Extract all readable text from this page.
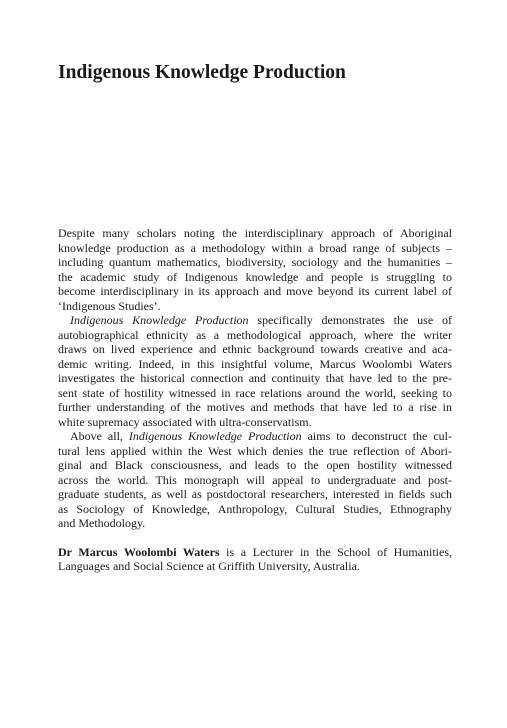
Indigenous Knowledge Production
Despite many scholars noting the interdisciplinary approach of Aboriginal
knowledge production as a methodology within a broad range of subjects –
including quantum mathematics, biodiversity, sociology and the humanities –
the academic study of Indigenous knowledge and people is struggling to
become interdisciplinary in its approach and move beyond its current label of
‘Indigenous Studies’.
Indigenous Knowledge Production specifically demonstrates the use of
autobiographical ethnicity as a methodological approach, where the writer
draws on lived experience and ethnic background towards creative and aca-
demic writing. Indeed, in this insightful volume, Marcus Woolombi Waters
investigates the historical connection and continuity that have led to the pre-
sent state of hostility witnessed in race relations around the world, seeking to
further understanding of the motives and methods that have led to a rise in
white supremacy associated with ultra-conservatism.
Above all, Indigenous Knowledge Production aims to deconstruct the cul-
tural lens applied within the West which denies the true reflection of Abori-
ginal and Black consciousness, and leads to the open hostility witnessed
across the world. This monograph will appeal to undergraduate and post-
graduate students, as well as postdoctoral researchers, interested in fields such
as Sociology of Knowledge, Anthropology, Cultural Studies, Ethnography
and Methodology.
Dr Marcus Woolombi Waters is a Lecturer in the School of Humanities,
Languages and Social Science at Griffith University, Australia.
